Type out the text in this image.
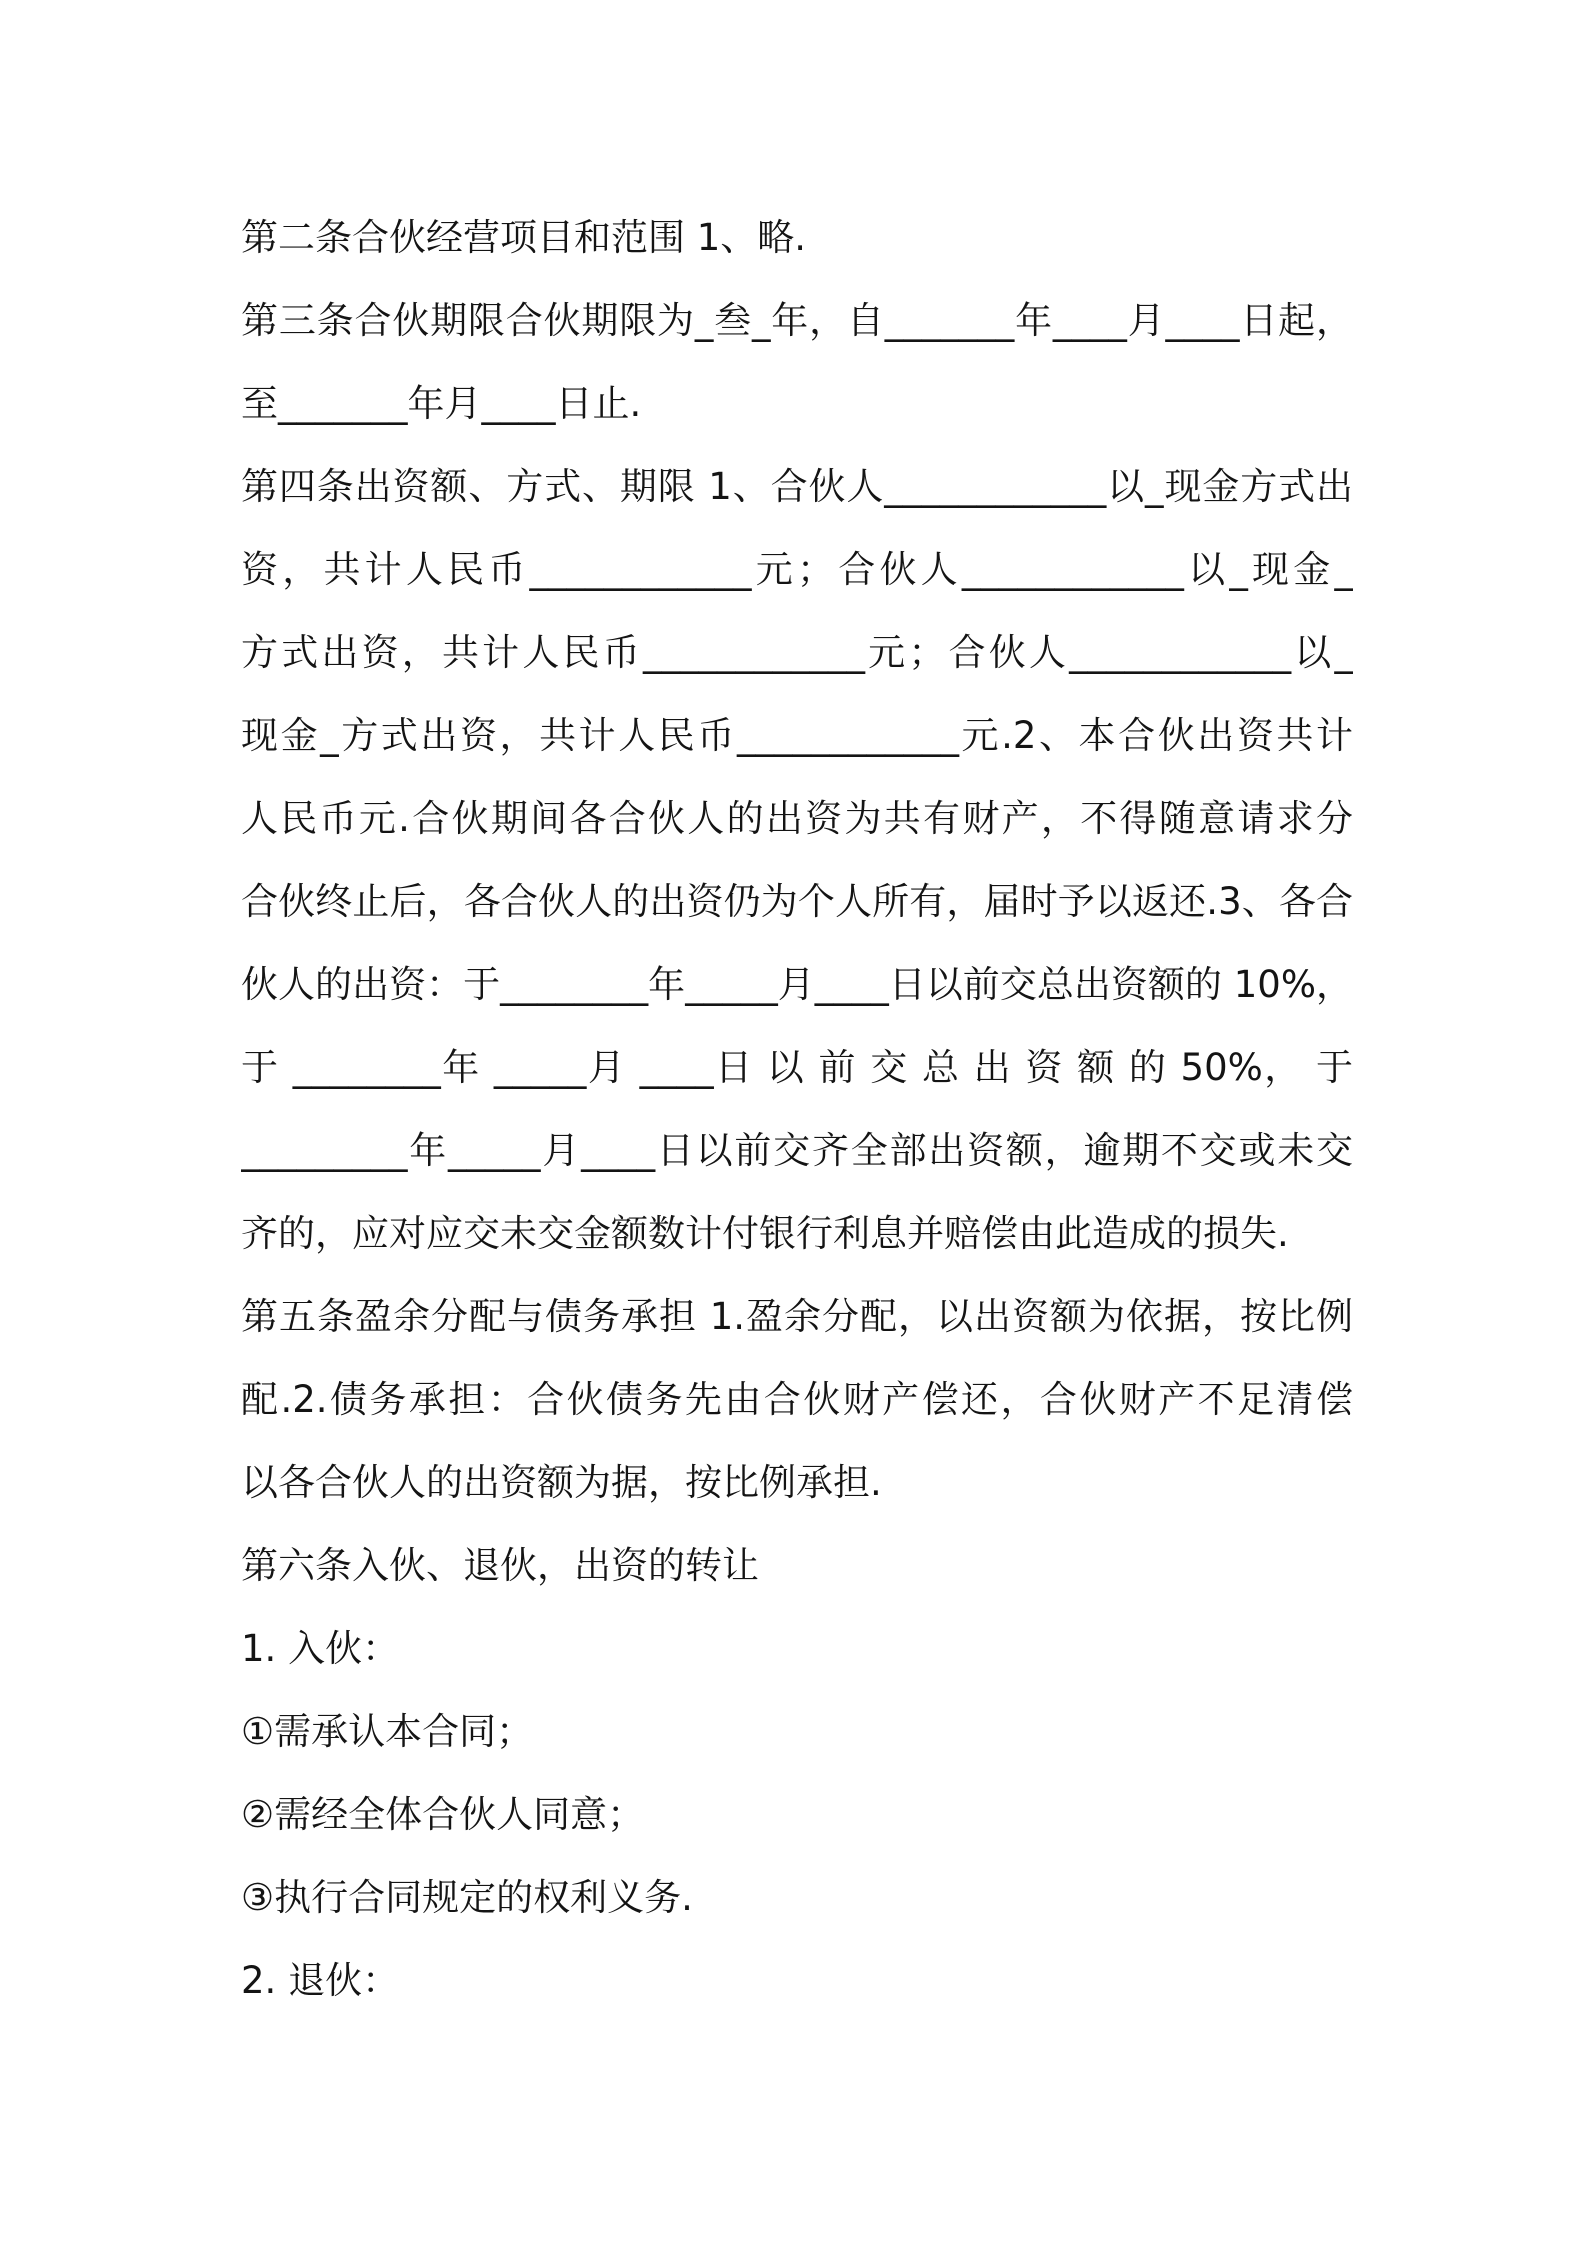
第二条合伙经营项目和范围 1、略.
第三条合伙期限合伙期限为_叁_年，自_______年____月____日起，
至_______年月____日止.
第四条出资额、方式、期限 1、合伙人____________以_现金方式出
资，共计人民币____________元；合伙人____________以_现金_
方式出资，共计人民币____________元；合伙人____________以_
现金_方式出资，共计人民币____________元.2、本合伙出资共计
人民币元.合伙期间各合伙人的出资为共有财产，不得随意请求分
合伙终止后，各合伙人的出资仍为个人所有，届时予以返还.3、各合
伙人的出资：于________年_____月____日以前交总出资额的 10%，
于 ________年 _____月 ____日 以 前 交 总 出 资 额 的 50%， 于
_________年_____月____日以前交齐全部出资额，逾期不交或未交
齐的，应对应交未交金额数计付银行利息并赔偿由此造成的损失.
第五条盈余分配与债务承担 1.盈余分配，以出资额为依据，按比例
配.2.债务承担：合伙债务先由合伙财产偿还，合伙财产不足清偿
以各合伙人的出资额为据，按比例承担.
第六条入伙、退伙，出资的转让
1. 入伙：
①需承认本合同；
②需经全体合伙人同意；
③执行合同规定的权利义务.
2. 退伙：
